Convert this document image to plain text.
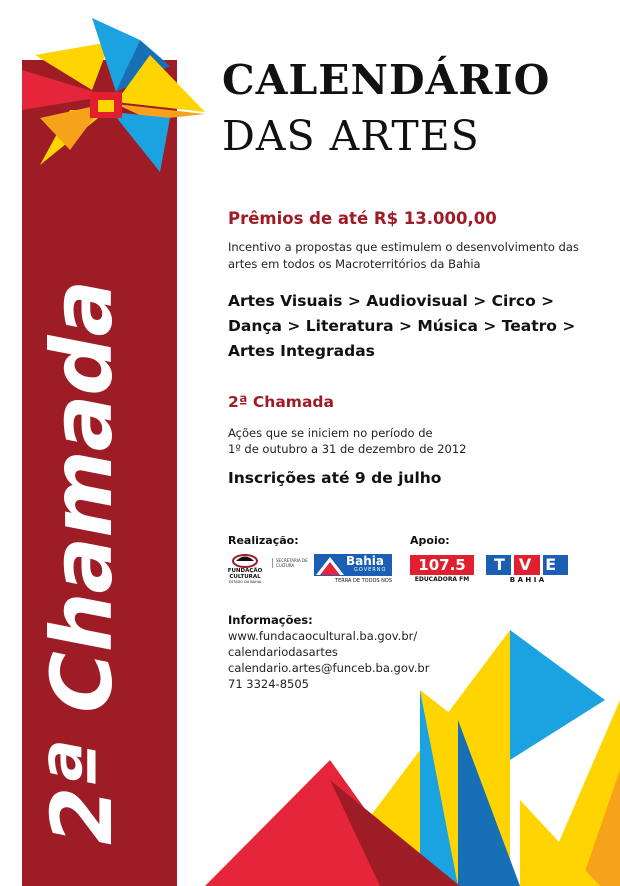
2ª Chamada
CALENDÁRIO
DAS ARTES
Prêmios de até R$ 13.000,00
Incentivo a propostas que estimulem o desenvolvimento das artes em todos os Macroterritórios da Bahia
Artes Visuais > Audiovisual > Circo >
Dança > Literatura > Música > Teatro >
Artes Integradas
2ª Chamada
Ações que se iniciem no período de
1º de outubro a 31 de dezembro de 2012
Inscrições até 9 de julho
Realização:	Apoio:
FUNDAÇÃO
CULTURAL
ESTADO DA BAHIA
SECRETARIA DE
CULTURA	Bahia
GOVERNO
TERRA DE TODOS NÓS
107.5
EDUCADORA FM
TVE
B A H I A
Informações:
www.fundacaocultural.ba.gov.br/
calendariodasartes
calendario.artes@funceb.ba.gov.br
71 3324-8505
